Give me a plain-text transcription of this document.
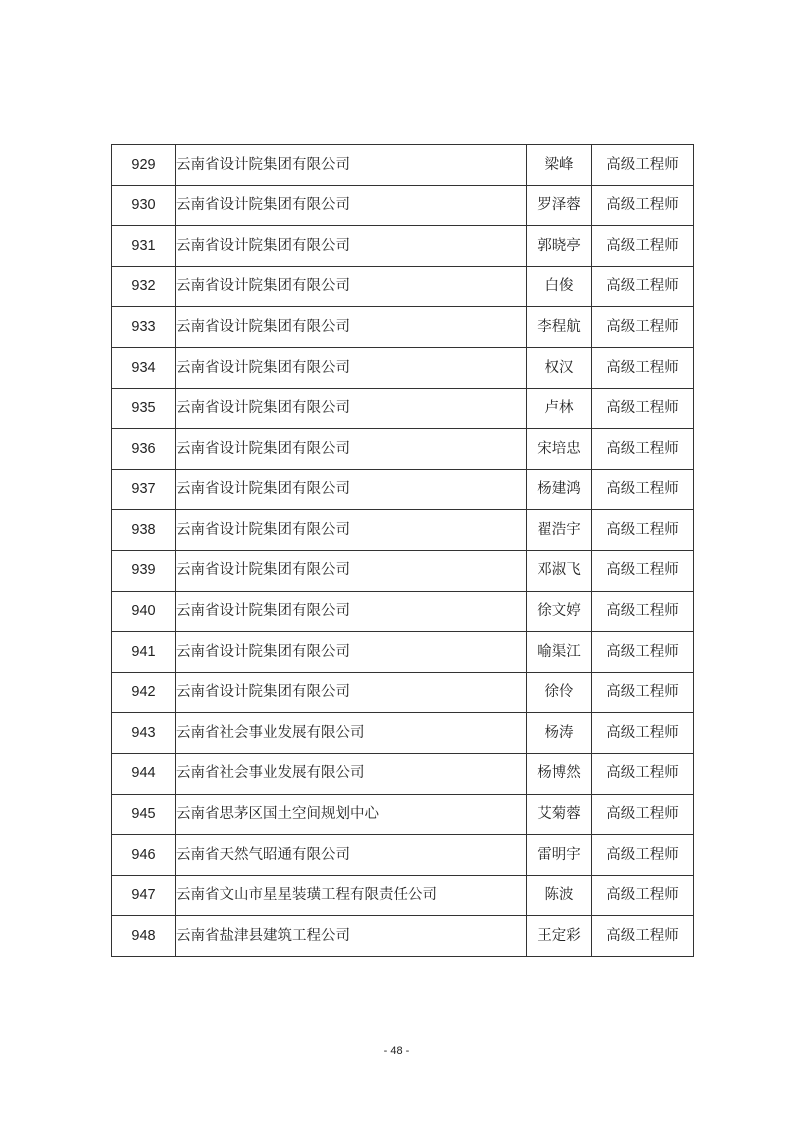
929	云南省设计院集团有限公司	梁峰	高级工程师
930	云南省设计院集团有限公司	罗泽蓉	高级工程师
931	云南省设计院集团有限公司	郭晓亭	高级工程师
932	云南省设计院集团有限公司	白俊	高级工程师
933	云南省设计院集团有限公司	李程航	高级工程师
934	云南省设计院集团有限公司	权汉	高级工程师
935	云南省设计院集团有限公司	卢林	高级工程师
936	云南省设计院集团有限公司	宋培忠	高级工程师
937	云南省设计院集团有限公司	杨建鸿	高级工程师
938	云南省设计院集团有限公司	翟浩宇	高级工程师
939	云南省设计院集团有限公司	邓淑飞	高级工程师
940	云南省设计院集团有限公司	徐文婷	高级工程师
941	云南省设计院集团有限公司	喻渠江	高级工程师
942	云南省设计院集团有限公司	徐伶	高级工程师
943	云南省社会事业发展有限公司	杨涛	高级工程师
944	云南省社会事业发展有限公司	杨博然	高级工程师
945	云南省思茅区国土空间规划中心	艾菊蓉	高级工程师
946	云南省天然气昭通有限公司	雷明宇	高级工程师
947	云南省文山市星星装璜工程有限责任公司	陈波	高级工程师
948	云南省盐津县建筑工程公司	王定彩	高级工程师
- 48 -
